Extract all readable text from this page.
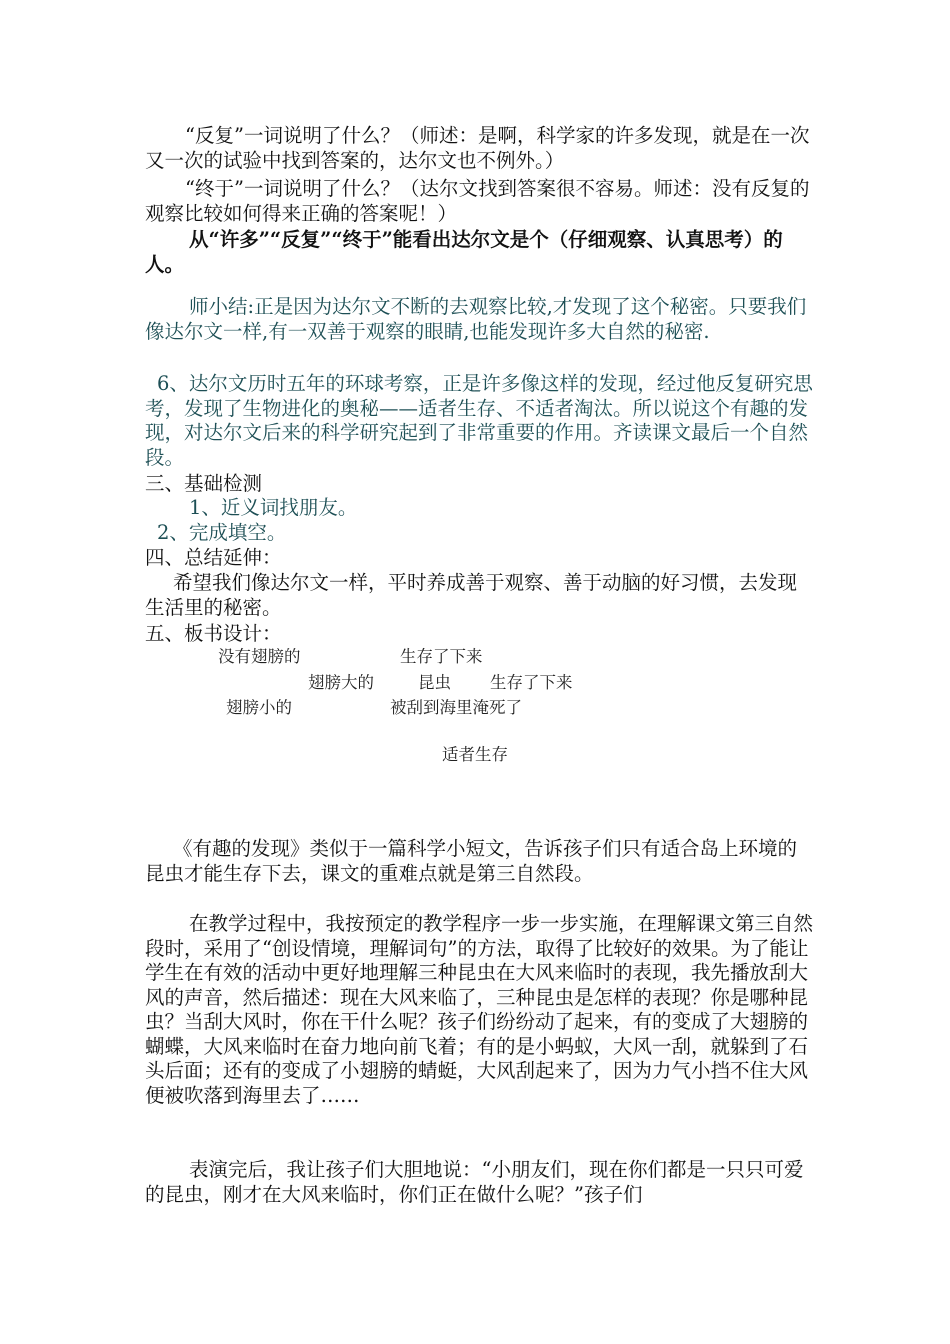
“反复”一词说明了什么？（师述：是啊，科学家的许多发现，就是在一次又一次的试验中找到答案的，达尔文也不例外。）

“终于”一词说明了什么？（达尔文找到答案很不容易。师述：没有反复的观察比较如何得来正确的答案呢！）

从“许多”“反复”“终于”能看出达尔文是个（仔细观察、认真思考）的人。

师小结:正是因为达尔文不断的去观察比较,才发现了这个秘密。只要我们像达尔文一样,有一双善于观察的眼睛,也能发现许多大自然的秘密.

6、达尔文历时五年的环球考察，正是许多像这样的发现，经过他反复研究思考，发现了生物进化的奥秘——适者生存、不适者淘汰。所以说这个有趣的发现，对达尔文后来的科学研究起到了非常重要的作用。齐读课文最后一个自然段。

三、基础检测

1、近义词找朋友。

2、完成填空。

四、总结延伸：

希望我们像达尔文一样，平时养成善于观察、善于动脑的好习惯，去发现生活里的秘密。

五、板书设计：

没有翅膀的	生存了下来

翅膀大的	昆虫 生存了下来

翅膀小的	被刮到海里淹死了

适者生存

《有趣的发现》类似于一篇科学小短文，告诉孩子们只有适合岛上环境的昆虫才能生存下去，课文的重难点就是第三自然段。

在教学过程中，我按预定的教学程序一步一步实施，在理解课文第三自然段时，采用了“创设情境，理解词句”的方法，取得了比较好的效果。为了能让学生在有效的活动中更好地理解三种昆虫在大风来临时的表现，我先播放刮大风的声音，然后描述：现在大风来临了，三种昆虫是怎样的表现？你是哪种昆虫？当刮大风时，你在干什么呢？孩子们纷纷动了起来，有的变成了大翅膀的蝴蝶，大风来临时在奋力地向前飞着；有的是小蚂蚁，大风一刮，就躲到了石头后面；还有的变成了小翅膀的蜻蜓，大风刮起来了，因为力气小挡不住大风便被吹落到海里去了……

表演完后，我让孩子们大胆地说：“小朋友们，现在你们都是一只只可爱的昆虫，刚才在大风来临时，你们正在做什么呢？”孩子们
